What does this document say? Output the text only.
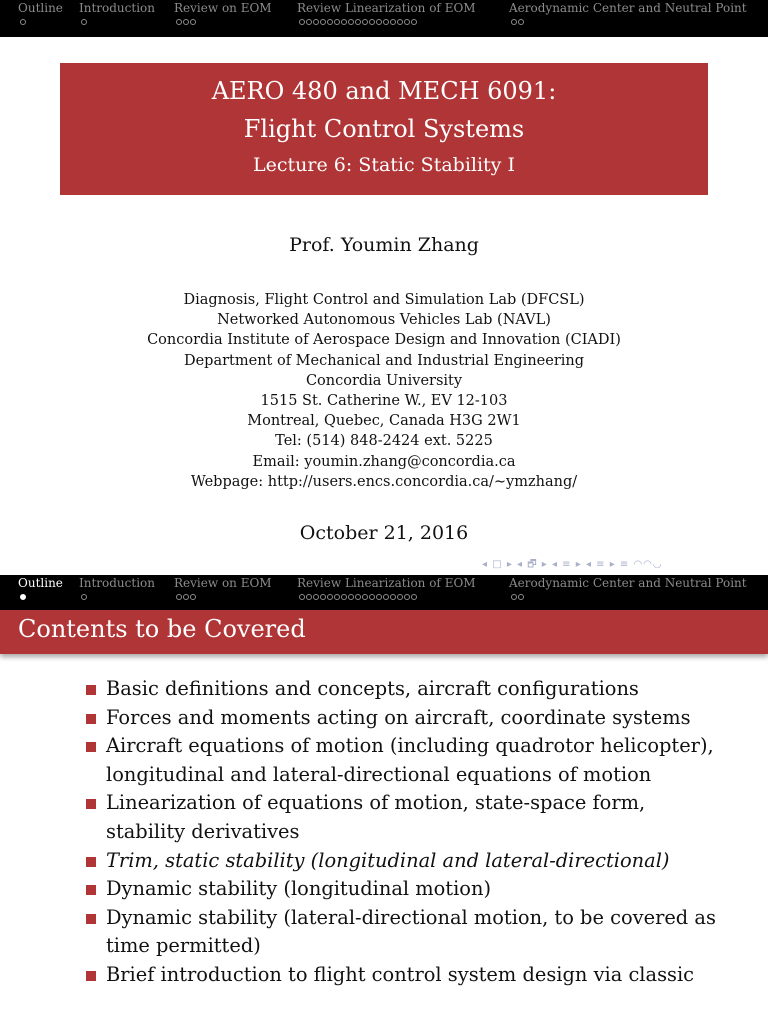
Outline Introduction Review on EOM Review Linearization of EOM	Aerodynamic Center and Neutral Point
AERO 480 and MECH 6091:
Flight Control Systems
Lecture 6: Static Stability I
Prof. Youmin Zhang
Diagnosis, Flight Control and Simulation Lab (DFCSL)
Networked Autonomous Vehicles Lab (NAVL)
Concordia Institute of Aerospace Design and Innovation (CIADI)
Department of Mechanical and Industrial Engineering
Concordia University
1515 St. Catherine W., EV 12-103
Montreal, Quebec, Canada H3G 2W1
Tel: (514) 848-2424 ext. 5225
Email: youmin.zhang@concordia.ca
Webpage: http://users.encs.concordia.ca/∼ymzhang/
October 21, 2016
◂ □ ▸ ◂ 🗗 ▸ ◂ ≡ ▸ ◂ ≡ ▸ ≡ ◠◠◡
Outline Introduction Review on EOM Review Linearization of EOM	Aerodynamic Center and Neutral Point
Contents to be Covered
Basic definitions and concepts, aircraft configurations
Forces and moments acting on aircraft, coordinate systems
Aircraft equations of motion (including quadrotor helicopter), longitudinal and lateral-directional equations of motion
Linearization of equations of motion, state-space form, stability derivatives
Trim, static stability (longitudinal and lateral-directional)
Dynamic stability (longitudinal motion)
Dynamic stability (lateral-directional motion, to be covered as time permitted)
Brief introduction to flight control system design via classic
